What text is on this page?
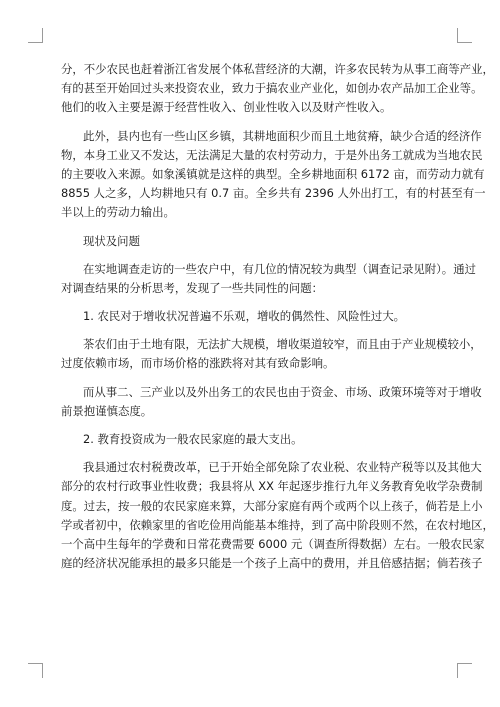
分，不少农民也赶着浙江省发展个体私营经济的大潮，许多农民转为从事工商等产业，
有的甚至开始回过头来投资农业，致力于搞农业产业化，如创办农产品加工企业等。
他们的收入主要是源于经营性收入、创业性收入以及财产性收入。
此外，县内也有一些山区乡镇，其耕地面积少而且土地贫瘠，缺少合适的经济作
物，本身工业又不发达，无法满足大量的农村劳动力，于是外出务工就成为当地农民
的主要收入来源。如象溪镇就是这样的典型。全乡耕地面积 6172 亩，而劳动力就有
8855 人之多，人均耕地只有 0.7 亩。全乡共有 2396 人外出打工，有的村甚至有一
半以上的劳动力输出。
现状及问题
在实地调查走访的一些农户中，有几位的情况较为典型（调查记录见附）。通过
对调查结果的分析思考，发现了一些共同性的问题：
1. 农民对于增收状况普遍不乐观，增收的偶然性、风险性过大。
茶农们由于土地有限，无法扩大规模，增收渠道较窄，而且由于产业规模较小，
过度依赖市场，而市场价格的涨跌将对其有致命影响。
而从事二、三产业以及外出务工的农民也由于资金、市场、政策环境等对于增收
前景抱谨慎态度。
2. 教育投资成为一般农民家庭的最大支出。
我县通过农村税费改革，已于开始全部免除了农业税、农业特产税等以及其他大
部分的农村行政事业性收费；我县将从 XX 年起逐步推行九年义务教育免收学杂费制
度。过去，按一般的农民家庭来算，大部分家庭有两个或两个以上孩子，倘若是上小
学或者初中，依赖家里的省吃俭用尚能基本维持，到了高中阶段则不然，在农村地区，
一个高中生每年的学费和日常花费需要 6000 元（调查所得数据）左右。一般农民家
庭的经济状况能承担的最多只能是一个孩子上高中的费用，并且倍感拮据；倘若孩子
